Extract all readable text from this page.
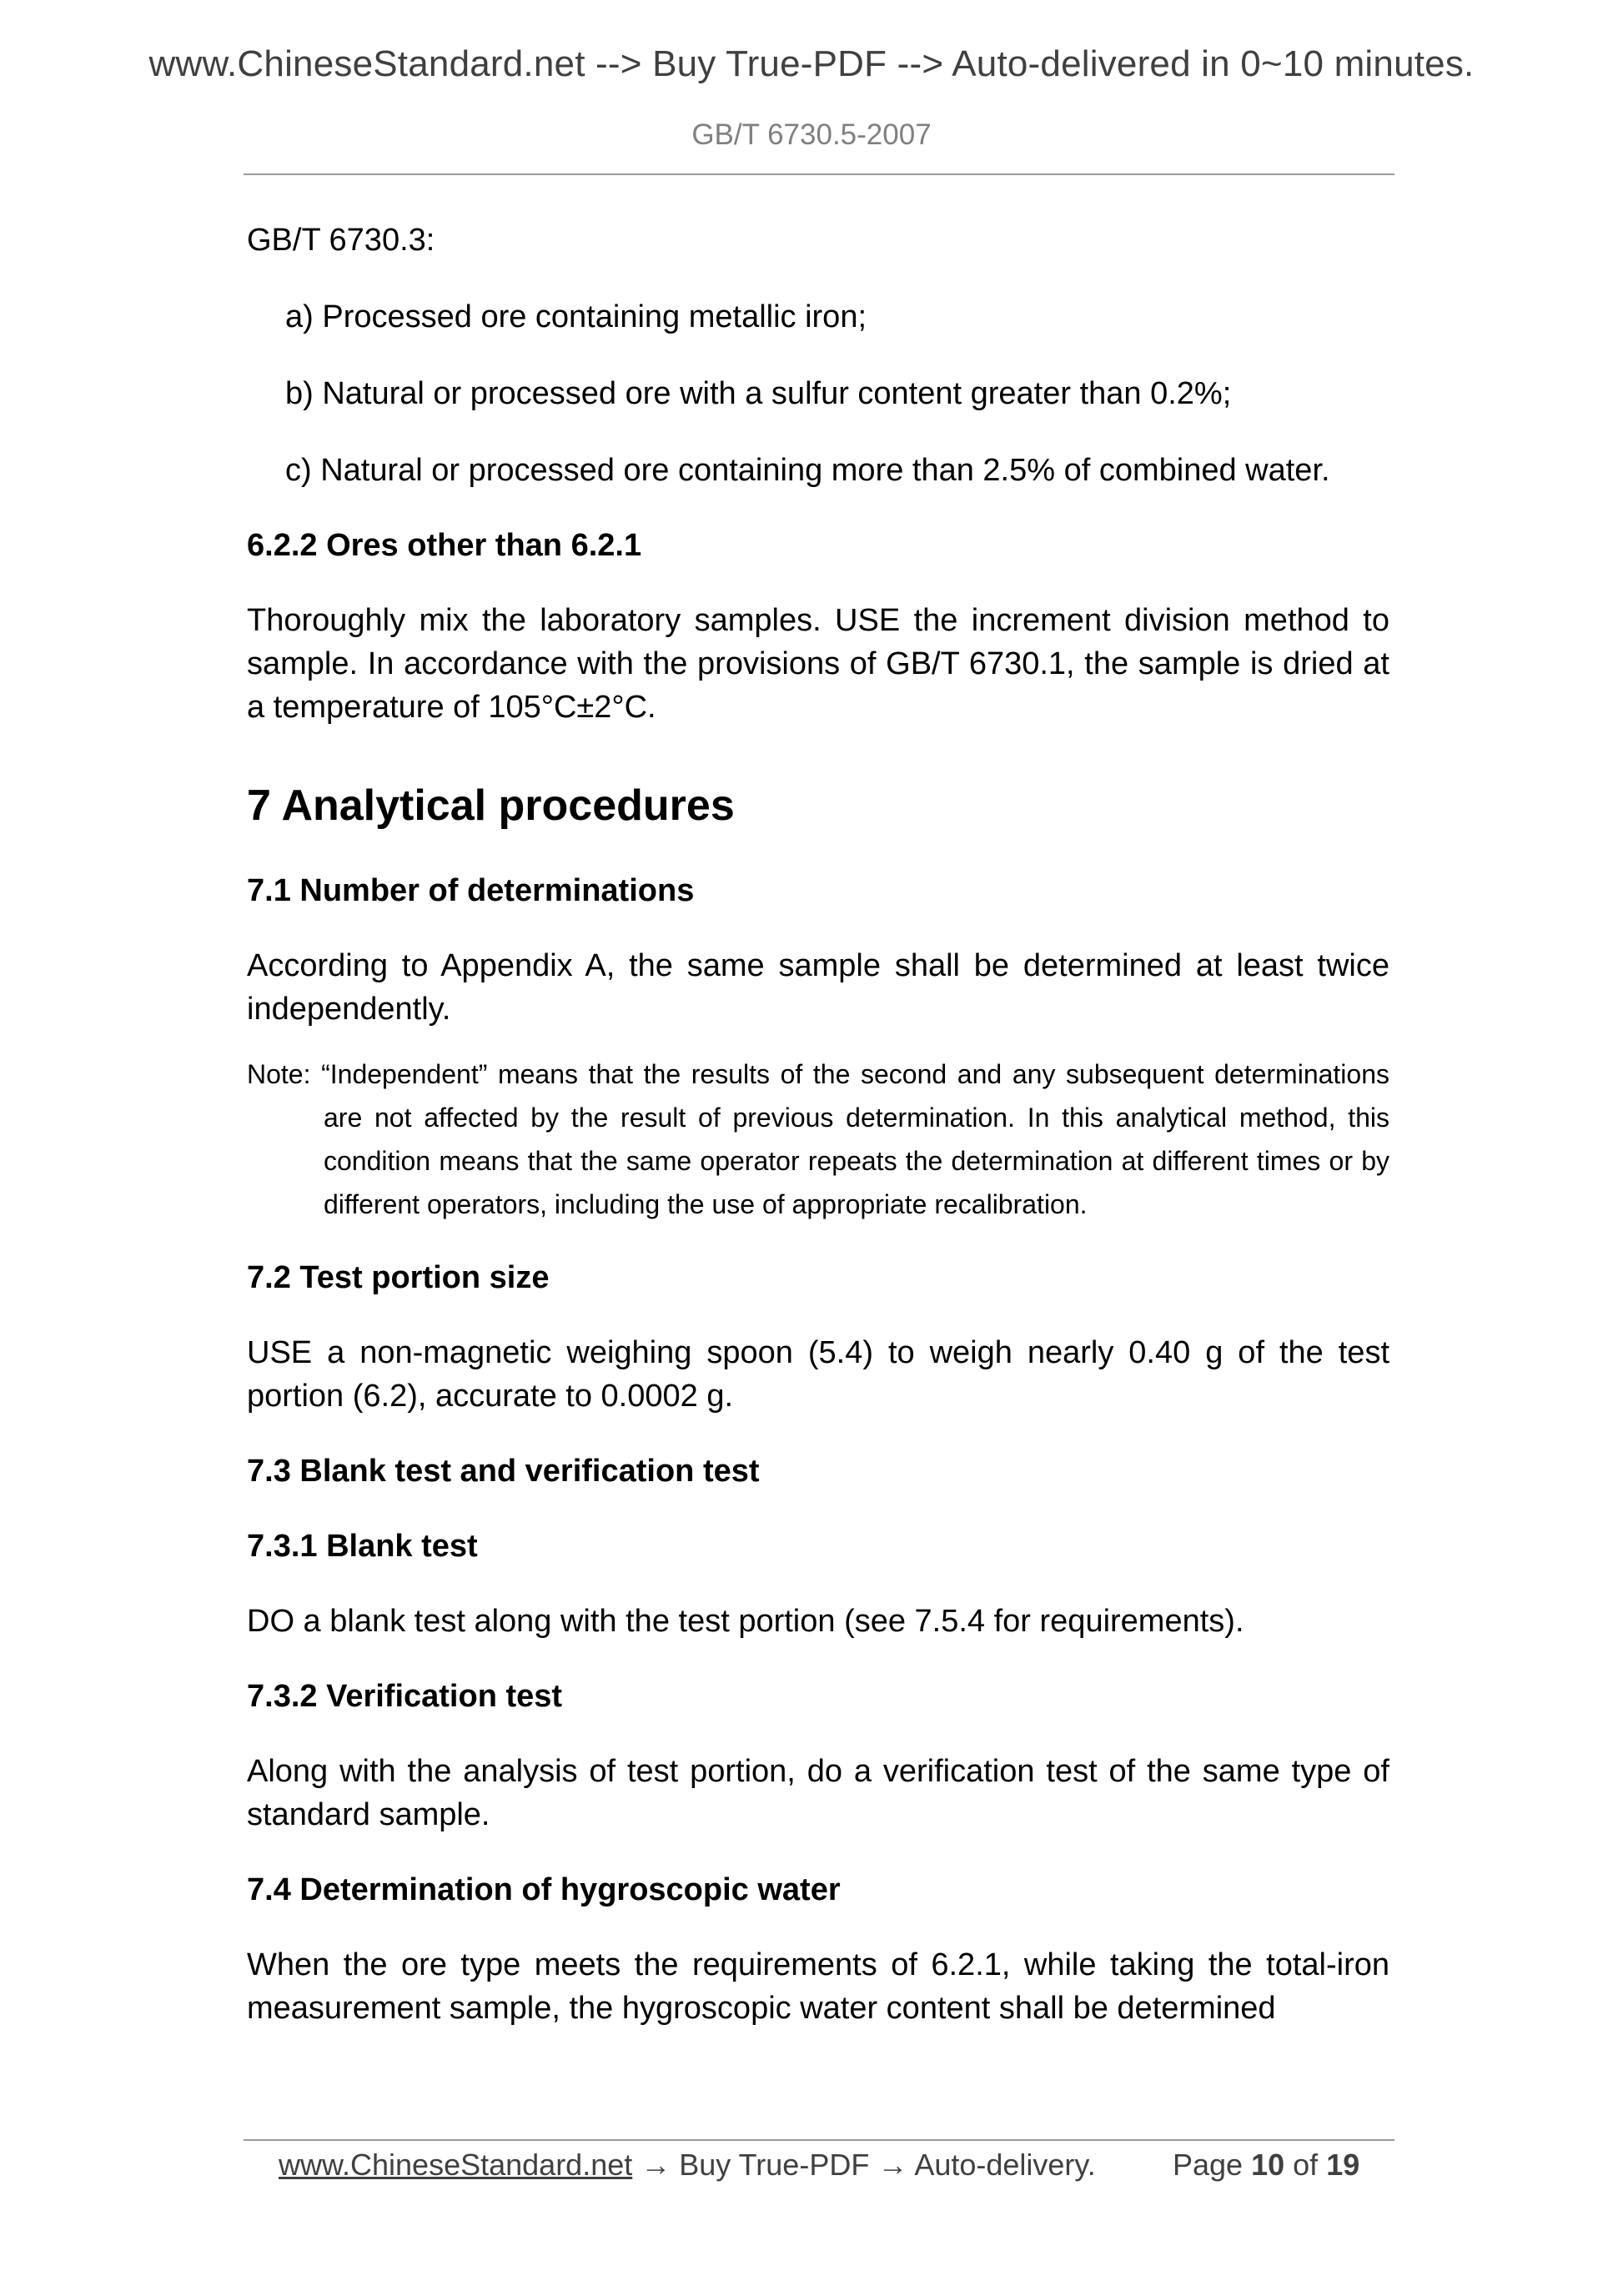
www.ChineseStandard.net --> Buy True-PDF --> Auto-delivered in 0~10 minutes.
GB/T 6730.5-2007

GB/T 6730.3:

a) Processed ore containing metallic iron;

b) Natural or processed ore with a sulfur content greater than 0.2%;

c) Natural or processed ore containing more than 2.5% of combined water.

6.2.2 Ores other than 6.2.1

Thoroughly mix the laboratory samples. USE the increment division method to sample. In accordance with the provisions of GB/T 6730.1, the sample is dried at a temperature of 105°C±2°C.

7 Analytical procedures

7.1 Number of determinations

According to Appendix A, the same sample shall be determined at least twice independently.

Note: “Independent” means that the results of the second and any subsequent determinations are not affected by the result of previous determination. In this analytical method, this condition means that the same operator repeats the determination at different times or by different operators, including the use of appropriate recalibration.

7.2 Test portion size

USE a non-magnetic weighing spoon (5.4) to weigh nearly 0.40 g of the test portion (6.2), accurate to 0.0002 g.

7.3 Blank test and verification test

7.3.1 Blank test

DO a blank test along with the test portion (see 7.5.4 for requirements).

7.3.2 Verification test

Along with the analysis of test portion, do a verification test of the same type of standard sample.

7.4 Determination of hygroscopic water

When the ore type meets the requirements of 6.2.1, while taking the total-iron measurement sample, the hygroscopic water content shall be determined

www.ChineseStandard.net → Buy True-PDF → Auto-delivery.	Page 10 of 19
